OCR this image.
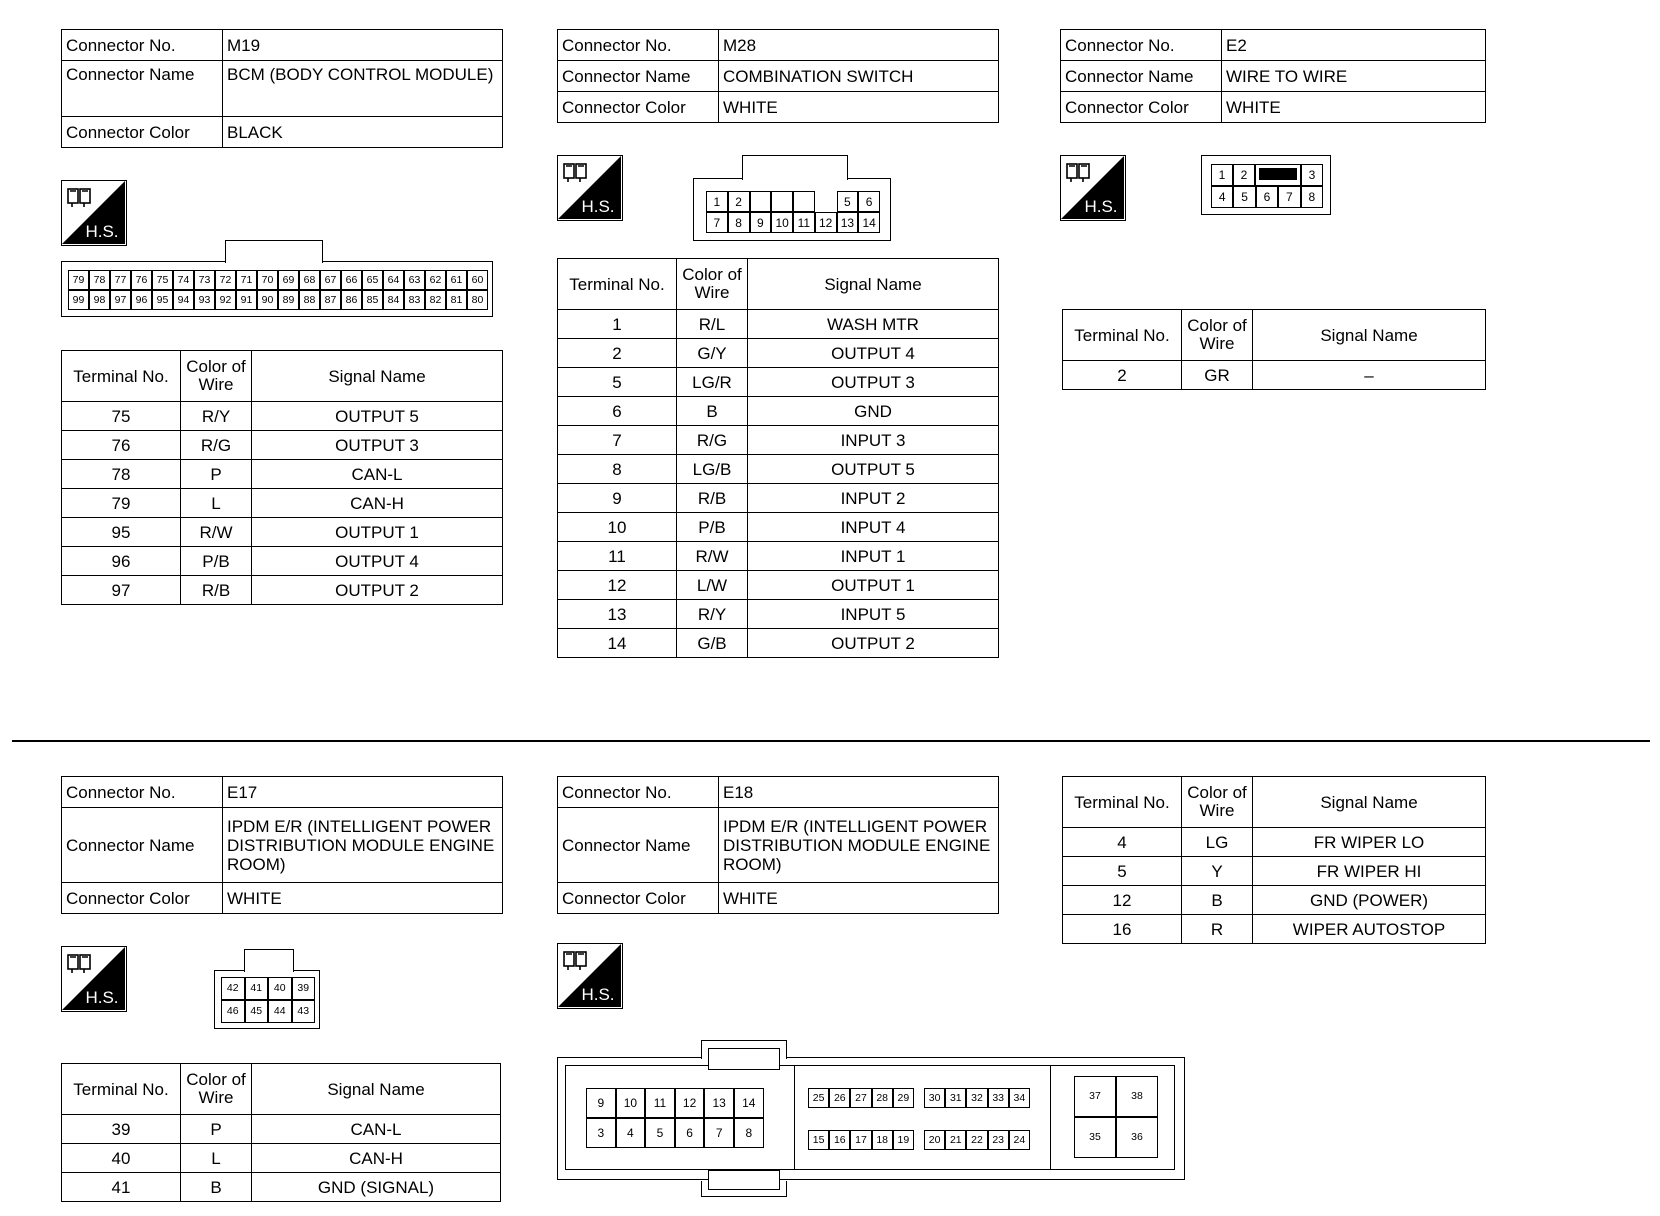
Connector No.	M19
Connector Name	BCM (BODY CONTROL MODULE)
Connector Color	BLACK
H.S.
79 78 77 76 75 74 73 72 71 70 69 68 67 66 65 64 63 62 61 60
99 98 97 96 95 94 93 92 91 90 89 88 87 86 85 84 83 82 81 80
Terminal No.	Color of Wire	Signal Name
75	R/Y	OUTPUT 5
76	R/G	OUTPUT 3
78	P	CAN-L
79	L	CAN-H
95	R/W	OUTPUT 1
96	P/B	OUTPUT 4
97	R/B	OUTPUT 2
Connector No.	M28
Connector Name	COMBINATION SWITCH
Connector Color	WHITE
H.S.	1	2	5	6
7	8	9 10 11 12 13 14
Terminal No.	Color of Wire	Signal Name
1	R/L	WASH MTR
2	G/Y	OUTPUT 4
5	LG/R	OUTPUT 3
6	B	GND
7	R/G	INPUT 3
8	LG/B	OUTPUT 5
9	R/B	INPUT 2
10	P/B	INPUT 4
11	R/W	INPUT 1
12	L/W	OUTPUT 1
13	R/Y	INPUT 5
14	G/B	OUTPUT 2
Connector No.	E2
Connector Name	WIRE TO WIRE
Connector Color	WHITE
H.S.
1	2	3
4	5	6	7	8
Terminal No.	Color of Wire	Signal Name
2	GR	–
Connector No.	E17
Connector Name	IPDM E/R (INTELLIGENT POWER DISTRIBUTION MODULE ENGINE ROOM)
Connector Color	WHITE
H.S.	42	41	40	39
46	45	44	43
Terminal No.	Color of Wire	Signal Name
39	P	CAN-L
40	L	CAN-H
41	B	GND (SIGNAL)
Connector No.	E18
Connector Name	IPDM E/R (INTELLIGENT POWER DISTRIBUTION MODULE ENGINE ROOM)
Connector Color	WHITE
H.S.
9	10	11	12	13	14
3	4	5	6	7	8
25 26 27 28 29
15 16 17 18 19
30 31 32 33 34
20 21 22 23 24
37	38
35	36
Terminal No.	Color of Wire	Signal Name
4	LG	FR WIPER LO
5	Y	FR WIPER HI
12	B	GND (POWER)
16	R	WIPER AUTOSTOP
